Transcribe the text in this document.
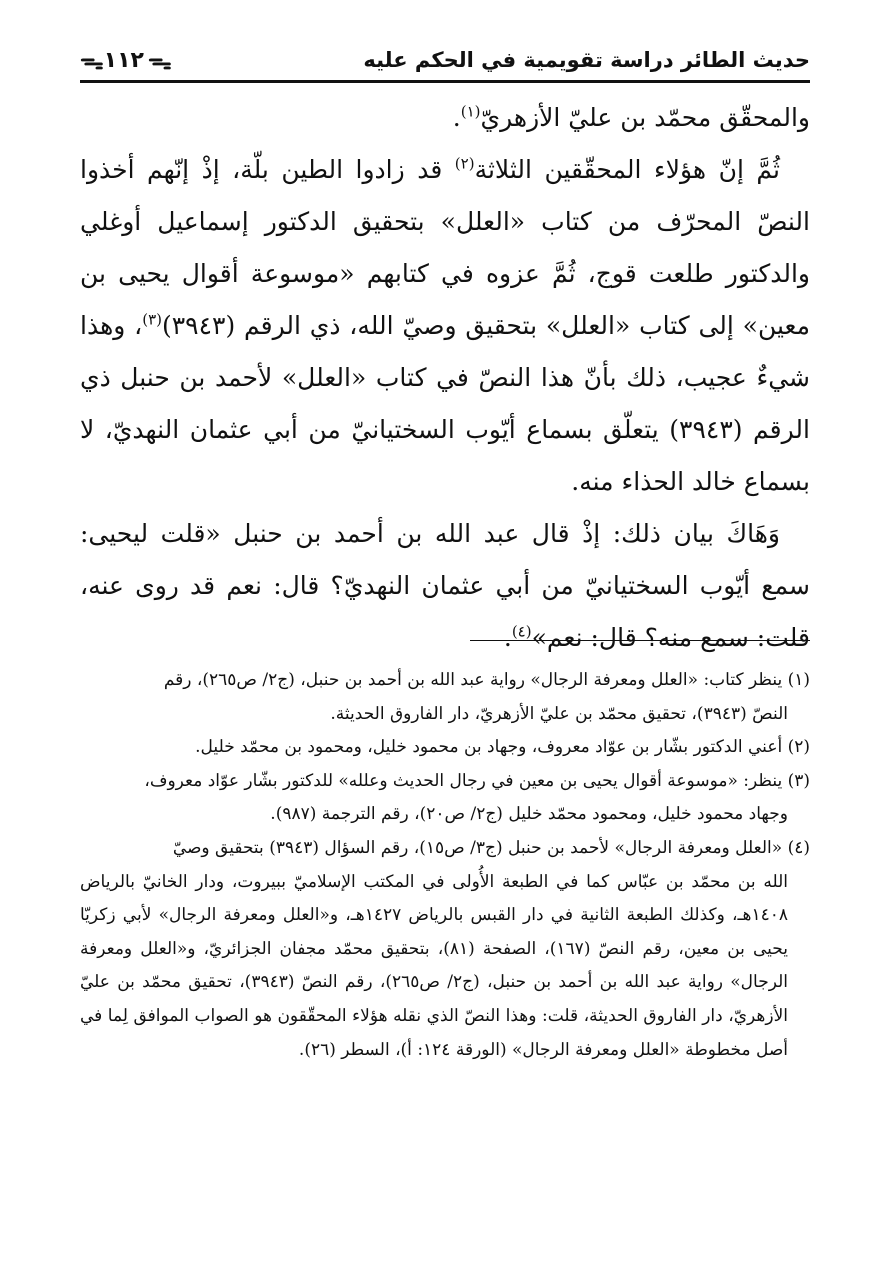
حديث الطائر دراسة تقويمية في الحكم عليه
ᯓ ١١٢ ᯓ

والمحقّق محمّد بن عليّ الأزهريّ$^{(١)}$.

ثُمَّ إنّ هؤلاء المحقّقين الثلاثة$^{(٢)}$ قد زادوا الطين بلّة، إذْ إنّهم أخذوا النصّ المحرّف من كتاب «العلل» بتحقيق الدكتور إسماعيل أوغلي والدكتور طلعت قوج، ثُمَّ عزوه في كتابهم «موسوعة أقوال يحيى بن معين» إلى كتاب «العلل» بتحقيق وصيّ الله، ذي الرقم (٣٩٤٣)$^{(٣)}$، وهذا شيءٌ عجيب، ذلك بأنّ هذا النصّ في كتاب «العلل» لأحمد بن حنبل ذي الرقم (٣٩٤٣) يتعلّق بسماع أيّوب السختيانيّ من أبي عثمان النهديّ، لا بسماع خالد الحذاء منه.

وَهَاكَ بيان ذلك: إذْ قال عبد الله بن أحمد بن حنبل «قلت ليحيى: سمع أيّوب السختيانيّ من أبي عثمان النهديّ؟ قال: نعم قد روى عنه، قلت: سمع منه؟ قال: نعم»$^{(٤)}$.

(١) ينظر كتاب: «العلل ومعرفة الرجال» رواية عبد الله بن أحمد بن حنبل، (ج٢/ ص٢٦٥)، رقم

النصّ (٣٩٤٣)، تحقيق محمّد بن عليّ الأزهريّ، دار الفاروق الحديثة.

(٢) أعني الدكتور بشّار بن عوّاد معروف، وجهاد بن محمود خليل، ومحمود بن محمّد خليل.

(٣) ينظر: «موسوعة أقوال يحيى بن معين في رجال الحديث وعلله» للدكتور بشّار عوّاد معروف،

وجهاد محمود خليل، ومحمود محمّد خليل (ج٢/ ص٢٠)، رقم الترجمة (٩٨٧).

(٤) «العلل ومعرفة الرجال» لأحمد بن حنبل (ج٣/ ص١٥)، رقم السؤال (٣٩٤٣) بتحقيق وصيّ

الله بن محمّد بن عبّاس كما في الطبعة الأُولى في المكتب الإسلاميّ ببيروت، ودار الخانيّ بالرياض ١٤٠٨هـ، وكذلك الطبعة الثانية في دار القبس بالرياض ١٤٢٧هـ، و«العلل ومعرفة الرجال» لأبي زكريّا يحيى بن معين، رقم النصّ (١٦٧)، الصفحة (٨١)، بتحقيق محمّد مجفان الجزائريّ، و«العلل ومعرفة الرجال» رواية عبد الله بن أحمد بن حنبل، (ج٢/ ص٢٦٥)، رقم النصّ (٣٩٤٣)، تحقيق محمّد بن عليّ الأزهريّ، دار الفاروق الحديثة، قلت: وهذا النصّ الذي نقله هؤلاء المحقّقون هو الصواب الموافق لِما في أصل مخطوطة «العلل ومعرفة الرجال» (الورقة ١٢٤: أ)، السطر (٢٦).
